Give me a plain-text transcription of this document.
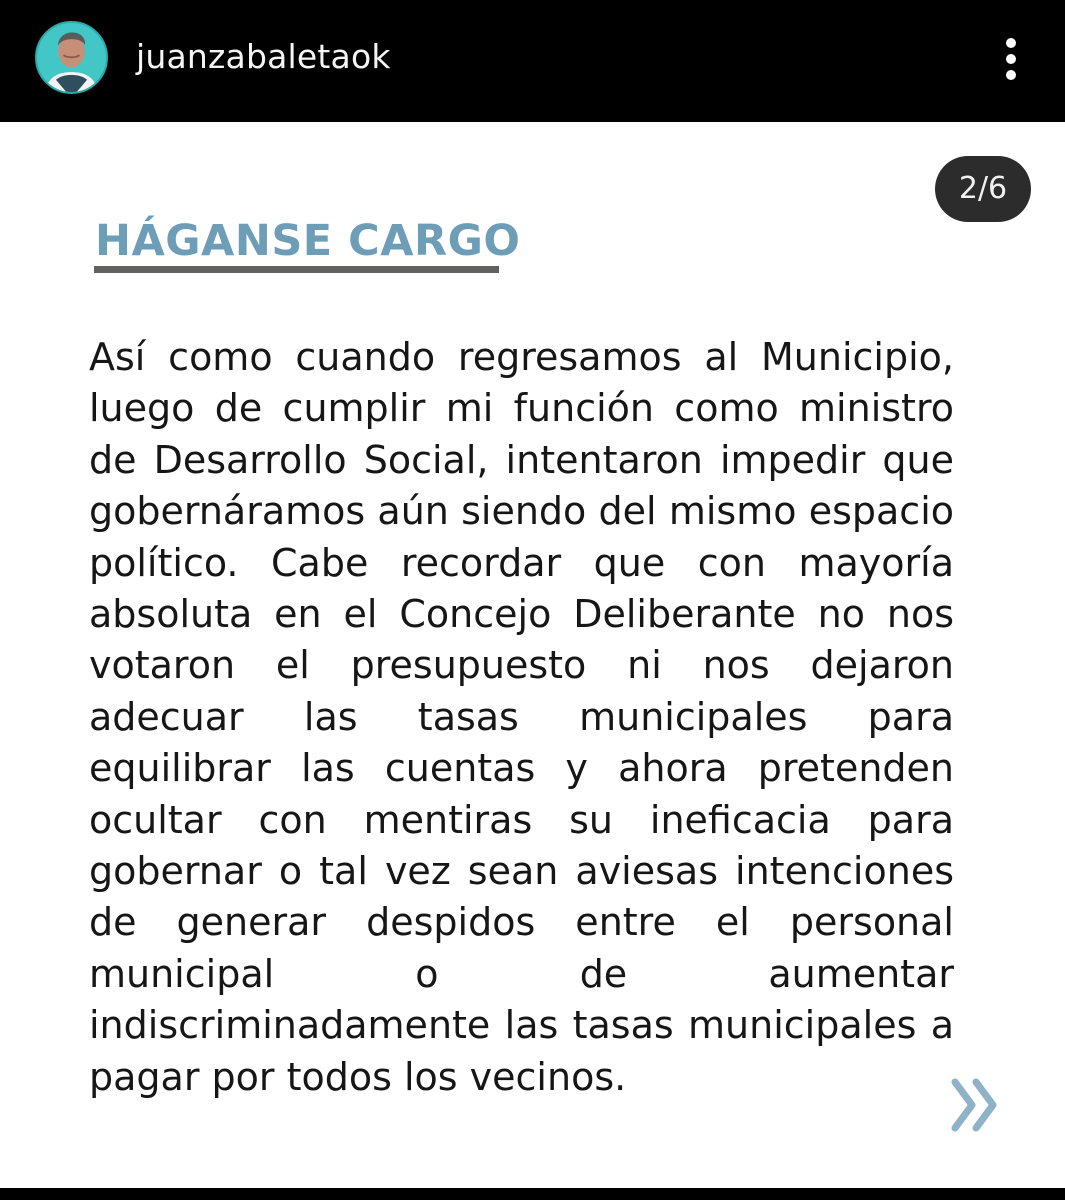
juanzabaletaok
2/6
HÁGANSE CARGO

Así como cuando regresamos al Municipio, luego de cumplir mi función como ministro de Desarrollo Social, intentaron impedir que gobernáramos aún siendo del mismo espacio político. Cabe recordar que con mayoría absoluta en el Concejo Deliberante no nos votaron el presupuesto ni nos dejaron adecuar las tasas municipales para equilibrar las cuentas y ahora pretenden ocultar con mentiras su ineficacia para gobernar o tal vez sean aviesas intenciones de generar despidos entre el personal municipal o de aumentar indiscriminadamente las tasas municipales a pagar por todos los vecinos.
